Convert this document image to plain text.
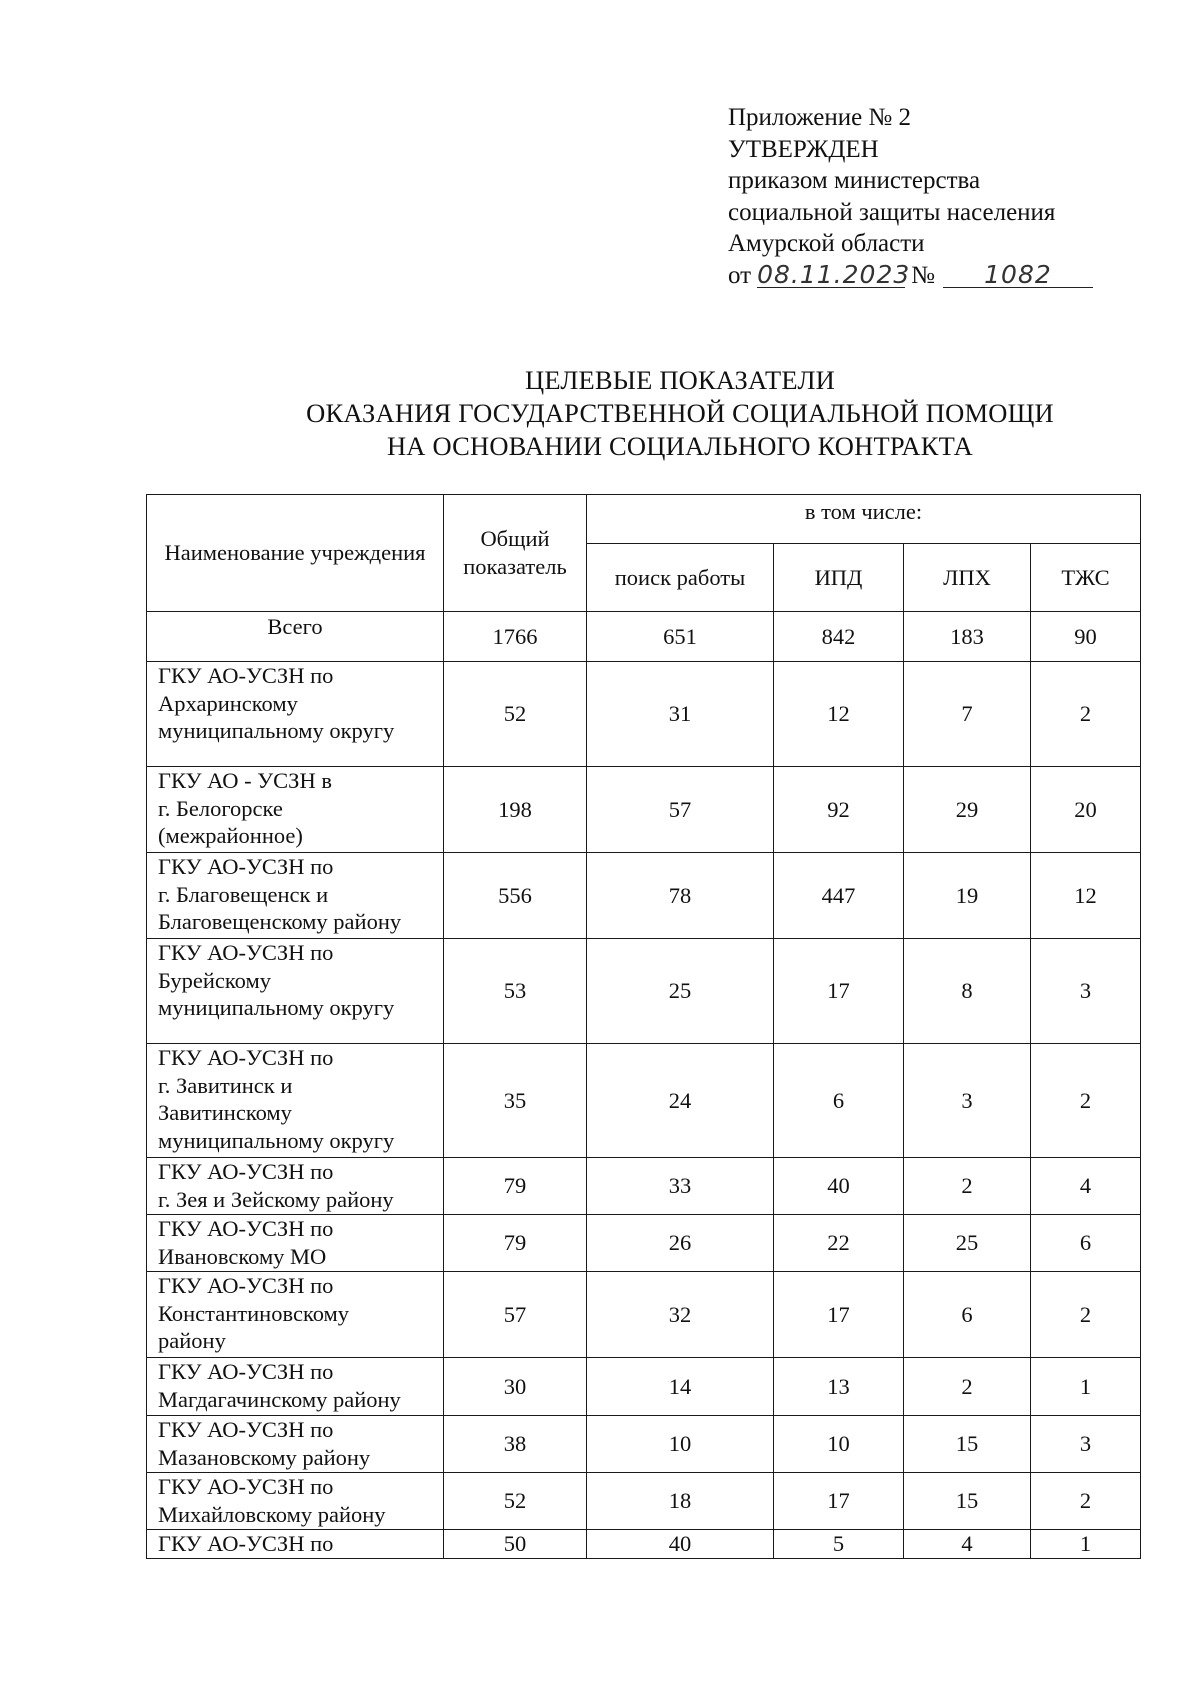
Приложение № 2
УТВЕРЖДЕН
приказом министерства
социальной защиты населения
Амурской области
от 08.11.2023№ 1082
ЦЕЛЕВЫЕ ПОКАЗАТЕЛИ
ОКАЗАНИЯ ГОСУДАРСТВЕННОЙ СОЦИАЛЬНОЙ ПОМОЩИ
НА ОСНОВАНИИ СОЦИАЛЬНОГО КОНТРАКТА
Наименование учреждения	Общий показатель	в том числе:			
		поиск работы	ИПД	ЛПХ	ТЖС
Всего	1766	651	842	183	90
ГКУ АО-УСЗН по
Архаринскому
муниципальному округу	52	31	12	7	2
ГКУ АО - УСЗН в
г. Белогорске
(межрайонное)	198	57	92	29	20
ГКУ АО-УСЗН по
г. Благовещенск и
Благовещенскому району	556	78	447	19	12
ГКУ АО-УСЗН по
Бурейскому
муниципальному округу	53	25	17	8	3
ГКУ АО-УСЗН по
г. Завитинск и
Завитинскому
муниципальному округу	35	24	6	3	2
ГКУ АО-УСЗН по
г. Зея и Зейскому району	79	33	40	2	4
ГКУ АО-УСЗН по
Ивановскому МО	79	26	22	25	6
ГКУ АО-УСЗН по
Константиновскому
району	57	32	17	6	2
ГКУ АО-УСЗН по
Магдагачинскому району	30	14	13	2	1
ГКУ АО-УСЗН по
Мазановскому району	38	10	10	15	3
ГКУ АО-УСЗН по
Михайловскому району	52	18	17	15	2
ГКУ АО-УСЗН по	50	40	5	4	1
